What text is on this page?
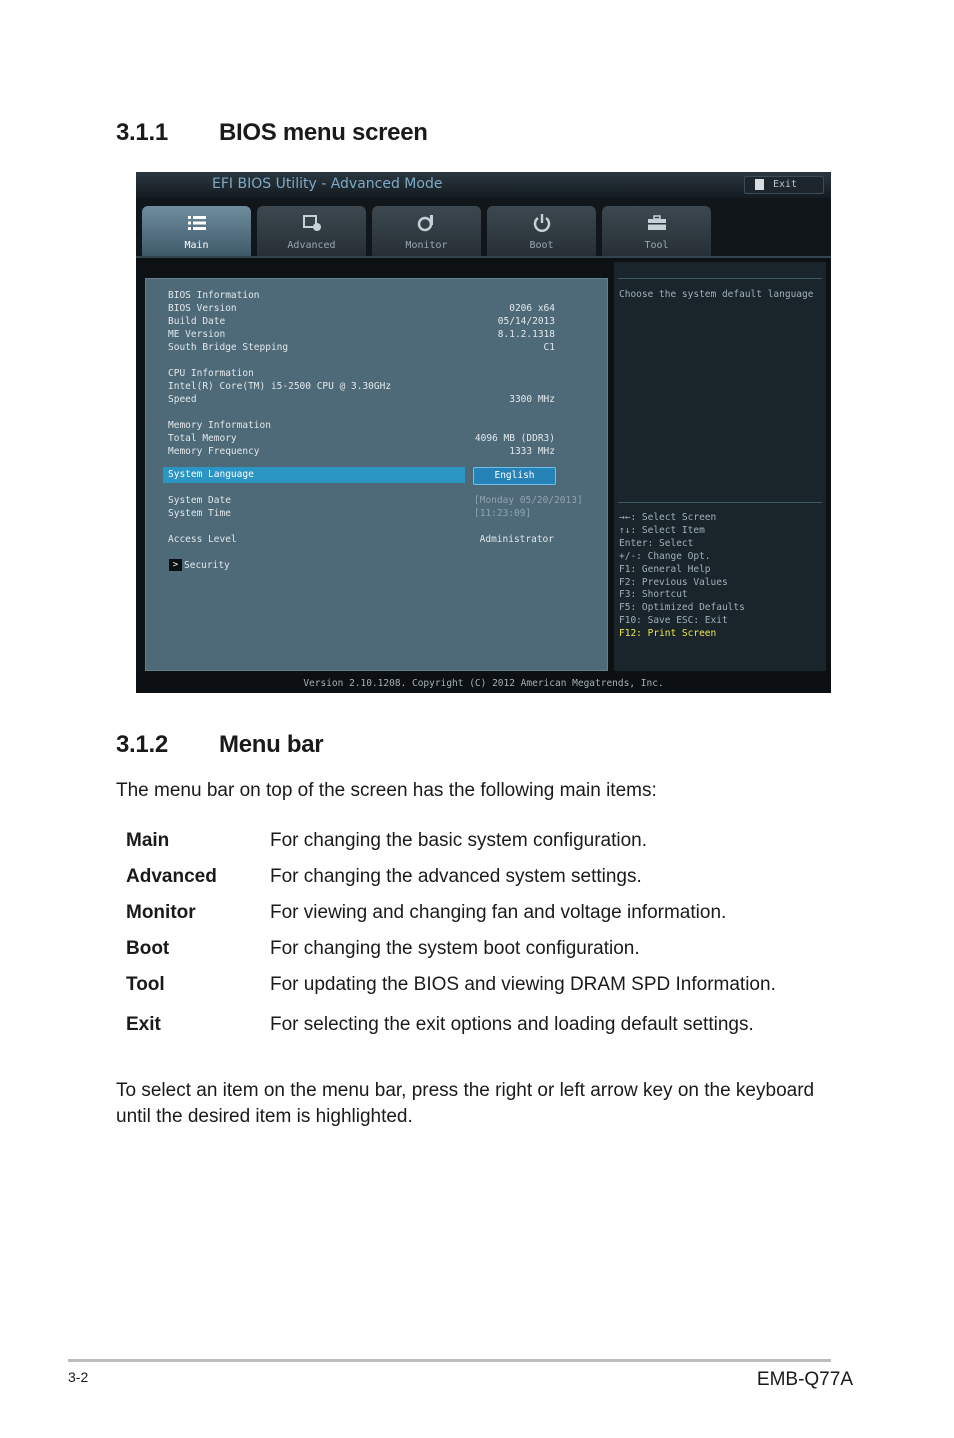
3.1.1 BIOS menu screen
EFI BIOS Utility - Advanced Mode	Exit
Main	Advanced	Monitor	Boot	Tool
BIOS Information
BIOS Version	0206 x64
Build Date	05/14/2013
ME Version	8.1.2.1318
South Bridge Stepping	C1
CPU Information
Intel(R) Core(TM) i5-2500 CPU @ 3.30GHz
Speed	3300 MHz
Memory Information
Total Memory	4096 MB (DDR3)
Memory Frequency	1333 MHz
System Language	English
System Date	[Monday 05/20/2013]
System Time	[11:23:09]
Access Level	Administrator
> Security
Choose the system default language
→←: Select Screen
↑↓: Select Item
Enter: Select
+/-: Change Opt.
F1: General Help
F2: Previous Values
F3: Shortcut
F5: Optimized Defaults
F10: Save ESC: Exit
F12: Print Screen
Version 2.10.1208. Copyright (C) 2012 American Megatrends, Inc.
3.1.2 Menu bar
The menu bar on top of the screen has the following main items:
Main	For changing the basic system configuration.
Advanced	For changing the advanced system settings.
Monitor	For viewing and changing fan and voltage information.
Boot	For changing the system boot configuration.
Tool	For updating the BIOS and viewing DRAM SPD Information.
Exit	For selecting the exit options and loading default settings.
To select an item on the menu bar, press the right or left arrow key on the keyboard until the desired item is highlighted.
3-2	EMB-Q77A
